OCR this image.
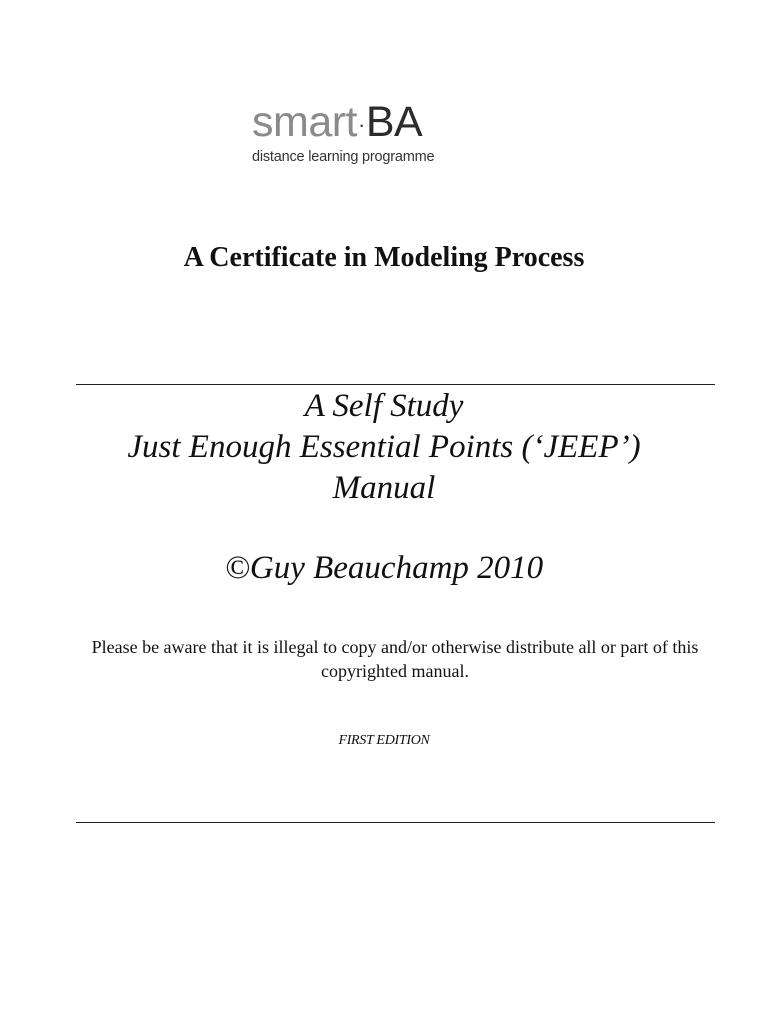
smart·BA
distance learning programme
A Certificate in Modeling Process
A Self Study
Just Enough Essential Points (‘JEEP’)
Manual
©Guy Beauchamp 2010
Please be aware that it is illegal to copy and/or otherwise distribute all or part of this copyrighted manual.
FIRST EDITION
